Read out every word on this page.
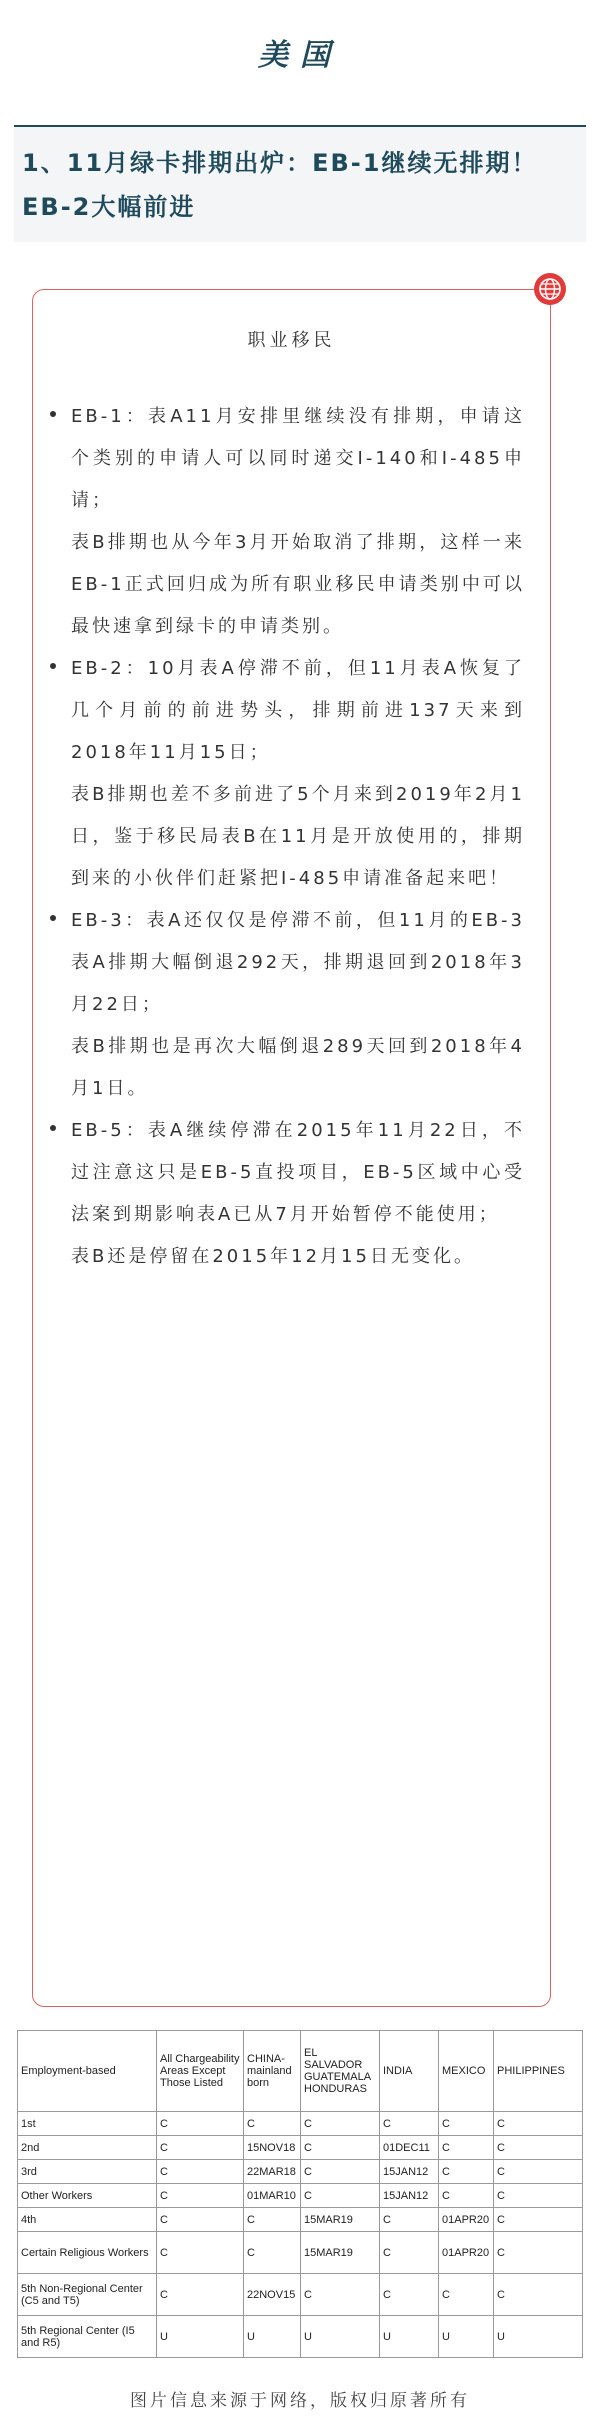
美国
1、11月绿卡排期出炉：EB-1继续无排期！EB-2大幅前进
职业移民

EB-1：表A11月安排里继续没有排期，申请这个类别的申请人可以同时递交I-140和I-485申请；

表B排期也从今年3月开始取消了排期，这样一来EB-1正式回归成为所有职业移民申请类别中可以最快速拿到绿卡的申请类别。

EB-2：10月表A停滞不前，但11月表A恢复了几个月前的前进势头，排期前进137天来到2018年11月15日；

表B排期也差不多前进了5个月来到2019年2月1日，鉴于移民局表B在11月是开放使用的，排期到来的小伙伴们赶紧把I-485申请准备起来吧！

EB-3：表A还仅仅是停滞不前，但11月的EB-3表A排期大幅倒退292天，排期退回到2018年3月22日；

表B排期也是再次大幅倒退289天回到2018年4月1日。

EB-5：表A继续停滞在2015年11月22日，不过注意这只是EB-5直投项目，EB-5区域中心受法案到期影响表A已从7月开始暂停不能使用；

表B还是停留在2015年12月15日无变化。

Employment-based	All Chargeability Areas Except Those Listed	CHINA-mainland born	EL SALVADOR GUATEMALA HONDURAS	INDIA	MEXICO	PHILIPPINES
1st	C	C	C	C	C	C
2nd	C	15NOV18	C	01DEC11	C	C
3rd	C	22MAR18	C	15JAN12	C	C
Other Workers	C	01MAR10	C	15JAN12	C	C
4th	C	C	15MAR19	C	01APR20	C
Certain Religious Workers	C	C	15MAR19	C	01APR20	C
5th Non-Regional Center (C5 and T5)	C	22NOV15	C	C	C	C
5th Regional Center (I5 and R5)	U	U	U	U	U	U
图片信息来源于网络，版权归原著所有
